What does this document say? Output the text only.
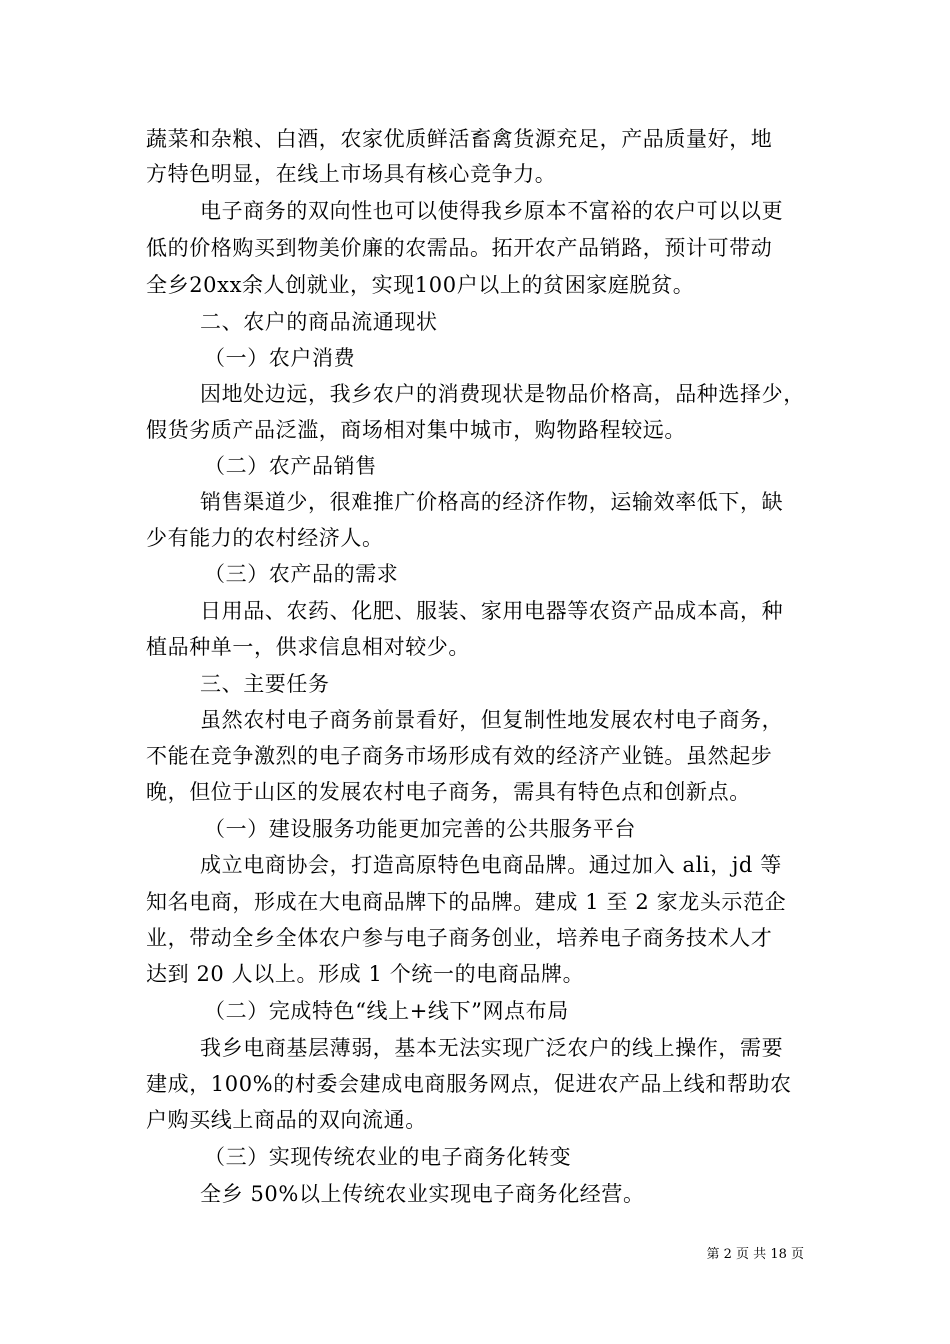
蔬菜和杂粮、白酒，农家优质鲜活畜禽货源充足，产品质量好，地
方特色明显，在线上市场具有核心竞争力。
电子商务的双向性也可以使得我乡原本不富裕的农户可以以更
低的价格购买到物美价廉的农需品。拓开农产品销路，预计可带动
全乡20xx余人创就业，实现100户以上的贫困家庭脱贫。
二、农户的商品流通现状
（一）农户消费
因地处边远，我乡农户的消费现状是物品价格高，品种选择少，
假货劣质产品泛滥，商场相对集中城市，购物路程较远。
（二）农产品销售
销售渠道少，很难推广价格高的经济作物，运输效率低下，缺
少有能力的农村经济人。
（三）农产品的需求
日用品、农药、化肥、服装、家用电器等农资产品成本高，种
植品种单一，供求信息相对较少。
三、主要任务
虽然农村电子商务前景看好，但复制性地发展农村电子商务，
不能在竞争激烈的电子商务市场形成有效的经济产业链。虽然起步
晚，但位于山区的发展农村电子商务，需具有特色点和创新点。
（一）建设服务功能更加完善的公共服务平台
成立电商协会，打造高原特色电商品牌。通过加入 ali，jd 等
知名电商，形成在大电商品牌下的品牌。建成 1 至 2 家龙头示范企
业，带动全乡全体农户参与电子商务创业，培养电子商务技术人才
达到 20 人以上。形成 1 个统一的电商品牌。
（二）完成特色“线上+线下”网点布局
我乡电商基层薄弱，基本无法实现广泛农户的线上操作，需要
建成，100%的村委会建成电商服务网点，促进农产品上线和帮助农
户购买线上商品的双向流通。
（三）实现传统农业的电子商务化转变
全乡 50%以上传统农业实现电子商务化经营。
第 2 页 共 18 页
